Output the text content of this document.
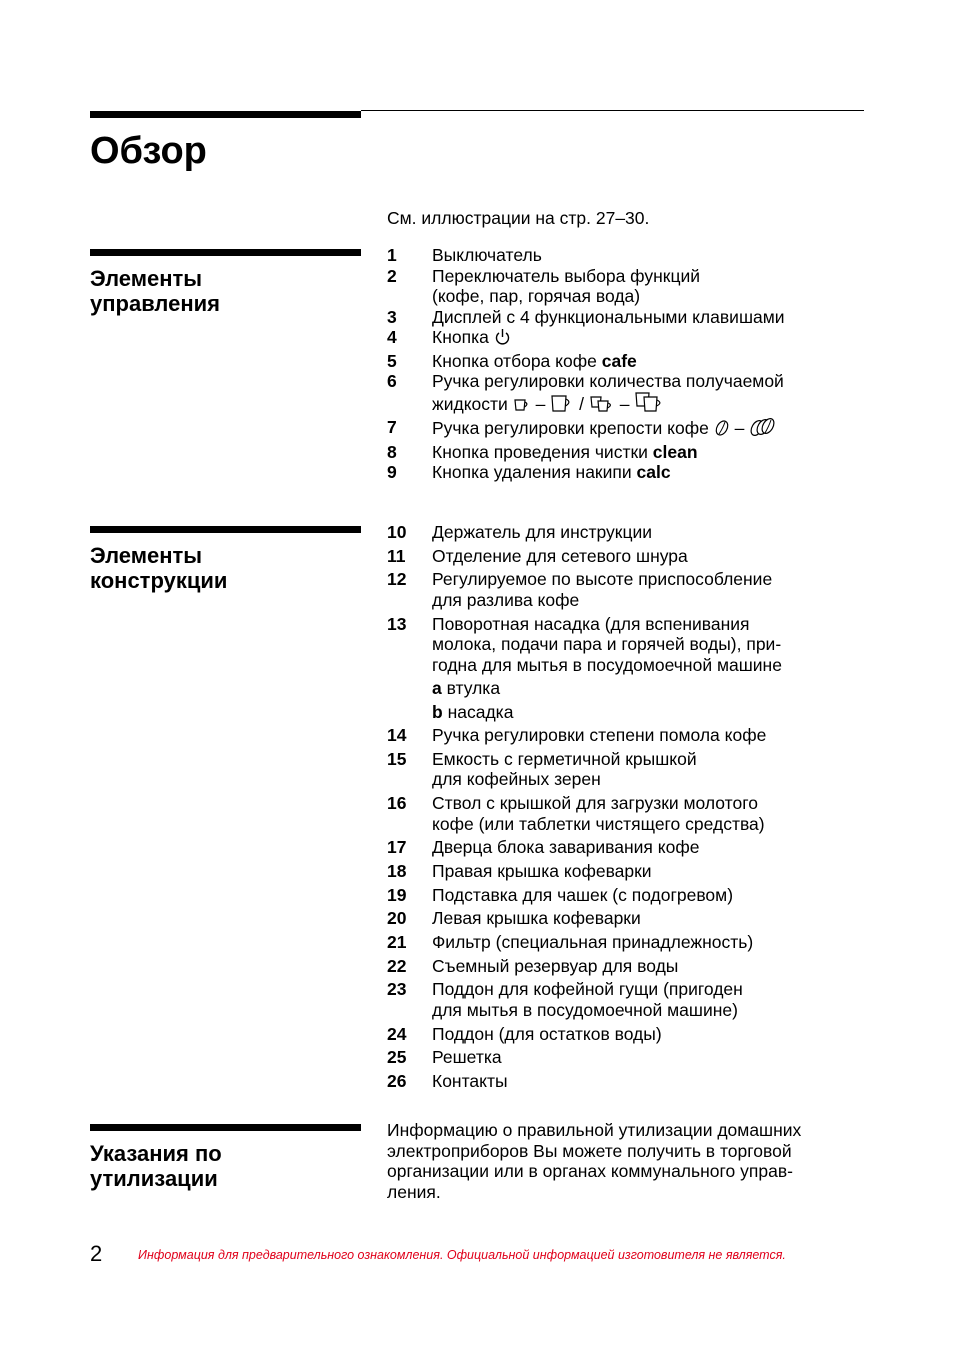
Обзор
См. иллюстрации на стр. 27–30.
Элементы управления
1 Выключатель
2 Переключатель выбора функций
(кофе, пар, горячая вода)
3 Дисплей с 4 функциональными клавишами
4 Кнопка
5 Кнопка отбора кофе cafe
6 Ручка регулировки количества получаемой
жидкости – / –
7 Ручка регулировки крепости кофе –
8 Кнопка проведения чистки clean
9 Кнопка удаления накипи calc
Элементы конструкции
10 Держатель для инструкции
11 Отделение для сетевого шнура
12 Регулируемое по высоте приспособление
для разлива кофе
13 Поворотная насадка (для вспенивания
молока, подачи пара и горячей воды), при-
годна для мытья в посудомоечной машине
a втулка
b насадка
14 Ручка регулировки степени помола кофе
15 Емкость с герметичной крышкой
для кофейных зерен
16 Ствол с крышкой для загрузки молотого
кофе (или таблетки чистящего средства)
17 Дверца блока заваривания кофе
18 Правая крышка кофеварки
19 Подставка для чашек (с подогревом)
20 Левая крышка кофеварки
21 Фильтр (специальная принадлежность)
22 Съемный резервуар для воды
23 Поддон для кофейной гущи (пригоден
для мытья в посудомоечной машине)
24 Поддон (для остатков воды)
25 Решетка
26 Контакты
Указания по утилизации
Информацию о правильной утилизации домашних
электроприборов Вы можете получить в торговой
организации или в органах коммунального управ-
ления.
2	Информация для предварительного ознакомления. Официальной информацией изготовителя не является.
